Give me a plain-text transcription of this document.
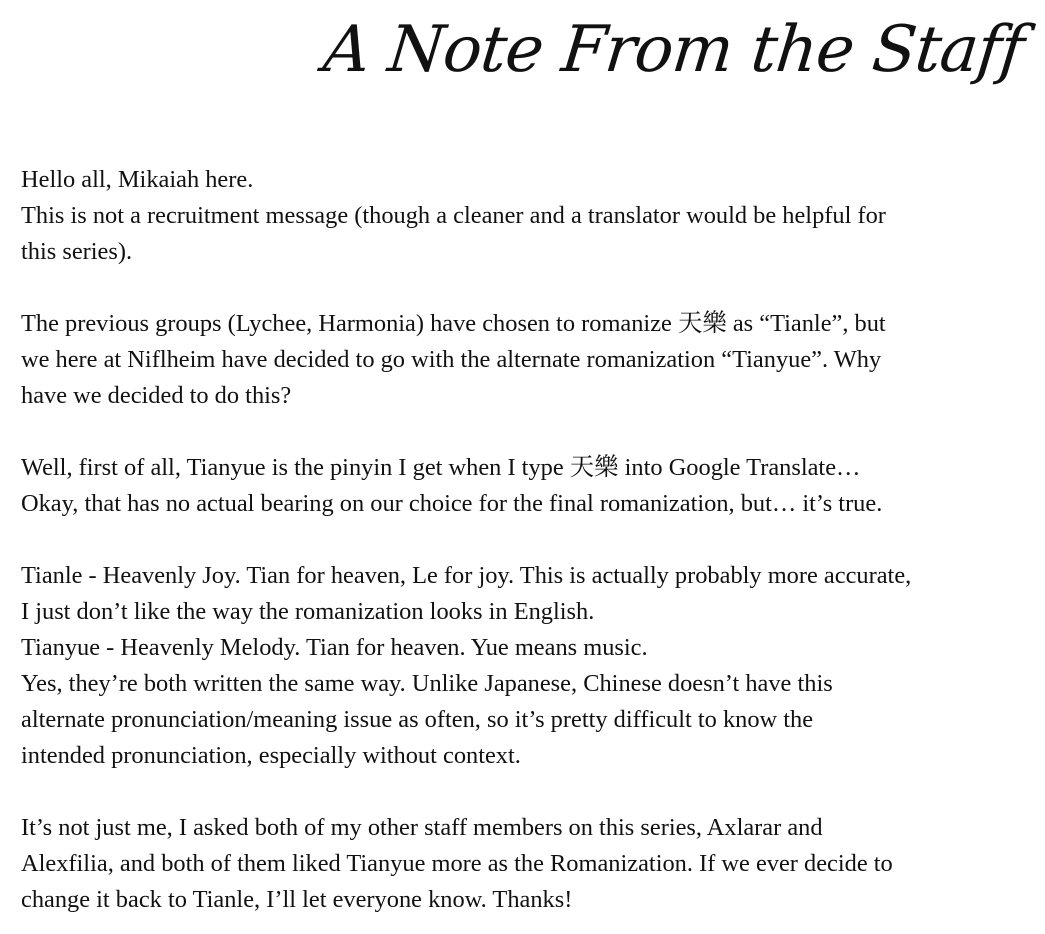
A Note From the Staff

Hello all, Mikaiah here.
This is not a recruitment message (though a cleaner and a translator would be helpful for
this series).

The previous groups (Lychee, Harmonia) have chosen to romanize 天樂 as “Tianle”, but
we here at Niflheim have decided to go with the alternate romanization “Tianyue”. Why
have we decided to do this?

Well, first of all, Tianyue is the pinyin I get when I type 天樂 into Google Translate…
Okay, that has no actual bearing on our choice for the final romanization, but… it’s true.

Tianle - Heavenly Joy. Tian for heaven, Le for joy. This is actually probably more accurate,
I just don’t like the way the romanization looks in English.
Tianyue - Heavenly Melody. Tian for heaven. Yue means music.
Yes, they’re both written the same way. Unlike Japanese, Chinese doesn’t have this
alternate pronunciation/meaning issue as often, so it’s pretty difficult to know the
intended pronunciation, especially without context.

It’s not just me, I asked both of my other staff members on this series, Axlarar and
Alexfilia, and both of them liked Tianyue more as the Romanization. If we ever decide to
change it back to Tianle, I’ll let everyone know. Thanks!
